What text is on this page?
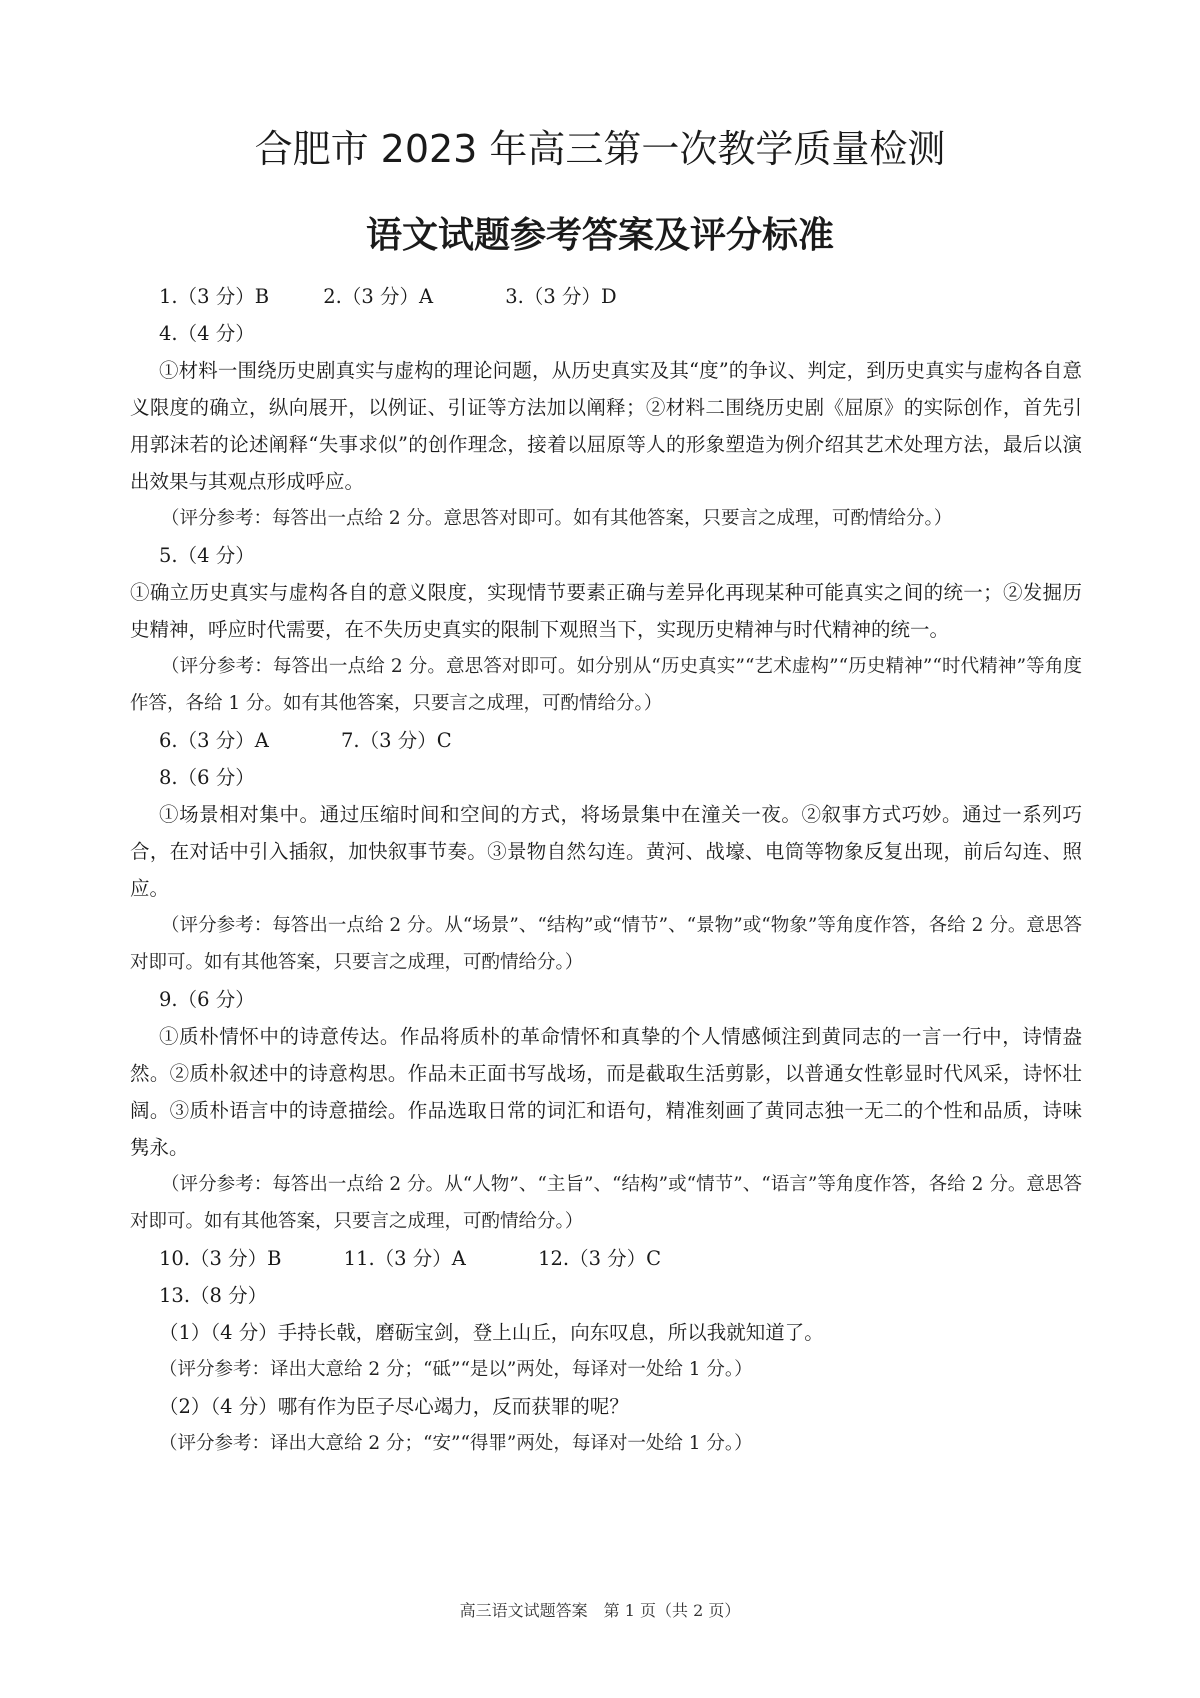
合肥市 2023 年高三第一次教学质量检测
语文试题参考答案及评分标准
1.（3 分）B	2.（3 分）A	3.（3 分）D
4.（4 分）
①材料一围绕历史剧真实与虚构的理论问题，从历史真实及其“度”的争议、判定，到历史真实与虚构各自意义限度的确立，纵向展开，以例证、引证等方法加以阐释；②材料二围绕历史剧《屈原》的实际创作，首先引用郭沫若的论述阐释“失事求似”的创作理念，接着以屈原等人的形象塑造为例介绍其艺术处理方法，最后以演出效果与其观点形成呼应。
（评分参考：每答出一点给 2 分。意思答对即可。如有其他答案，只要言之成理，可酌情给分。）
5.（4 分）
①确立历史真实与虚构各自的意义限度，实现情节要素正确与差异化再现某种可能真实之间的统一；②发掘历史精神，呼应时代需要，在不失历史真实的限制下观照当下，实现历史精神与时代精神的统一。
（评分参考：每答出一点给 2 分。意思答对即可。如分别从“历史真实”“艺术虚构”“历史精神”“时代精神”等角度作答，各给 1 分。如有其他答案，只要言之成理，可酌情给分。）
6.（3 分）A	7.（3 分）C
8.（6 分）
①场景相对集中。通过压缩时间和空间的方式，将场景集中在潼关一夜。②叙事方式巧妙。通过一系列巧合，在对话中引入插叙，加快叙事节奏。③景物自然勾连。黄河、战壕、电筒等物象反复出现，前后勾连、照应。
（评分参考：每答出一点给 2 分。从“场景”、“结构”或“情节”、“景物”或“物象”等角度作答，各给 2 分。意思答对即可。如有其他答案，只要言之成理，可酌情给分。）
9.（6 分）
①质朴情怀中的诗意传达。作品将质朴的革命情怀和真挚的个人情感倾注到黄同志的一言一行中，诗情盎然。②质朴叙述中的诗意构思。作品未正面书写战场，而是截取生活剪影，以普通女性彰显时代风采，诗怀壮阔。③质朴语言中的诗意描绘。作品选取日常的词汇和语句，精准刻画了黄同志独一无二的个性和品质，诗味隽永。
（评分参考：每答出一点给 2 分。从“人物”、“主旨”、“结构”或“情节”、“语言”等角度作答，各给 2 分。意思答对即可。如有其他答案，只要言之成理，可酌情给分。）
10.（3 分）B	11.（3 分）A	12.（3 分）C
13.（8 分）
（1）（4 分）手持长戟，磨砺宝剑，登上山丘，向东叹息，所以我就知道了。
（评分参考：译出大意给 2 分；“砥”“是以”两处，每译对一处给 1 分。）
（2）（4 分）哪有作为臣子尽心竭力，反而获罪的呢？
（评分参考：译出大意给 2 分；“安”“得罪”两处，每译对一处给 1 分。）
高三语文试题答案　第 1 页（共 2 页）
